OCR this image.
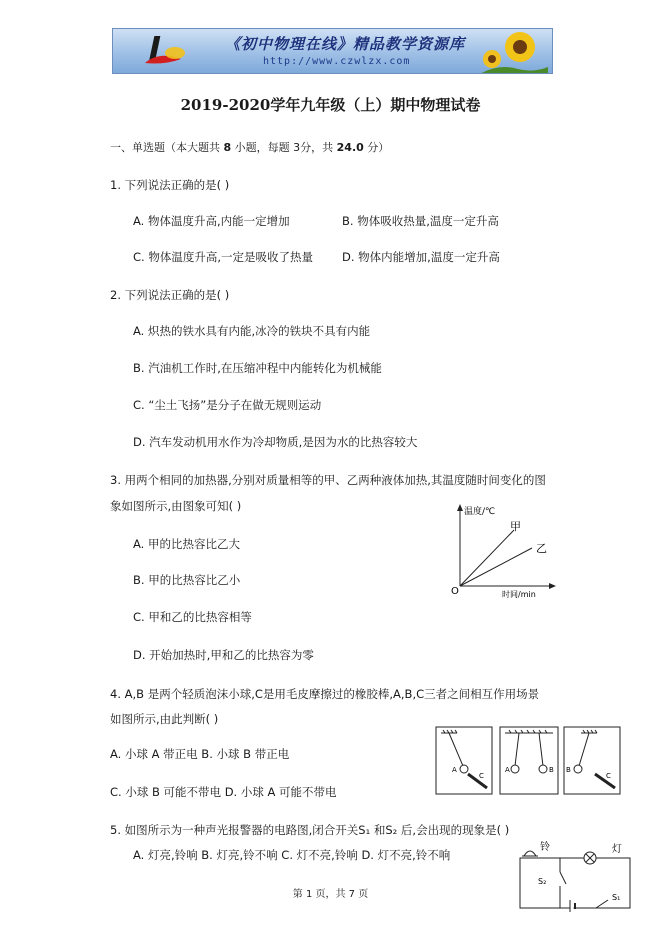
《初中物理在线》精品教学资源库
http://www.czwlzx.com
2019-2020学年九年级（上）期中物理试卷
一、单选题（本大题共 8 小题，每题 3分，共 24.0 分）
1. 下列说法正确的是( )
A. 物体温度升高,内能一定增加	B. 物体吸收热量,温度一定升高
C. 物体温度升高,一定是吸收了热量	D. 物体内能增加,温度一定升高
2. 下列说法正确的是( )
A. 炽热的铁水具有内能,冰冷的铁块不具有内能
B. 汽油机工作时,在压缩冲程中内能转化为机械能
C. “尘土飞扬”是分子在做无规则运动
D. 汽车发动机用水作为冷却物质,是因为水的比热容较大
3. 用两个相同的加热器,分别对质量相等的甲、乙两种液体加热,其温度随时间变化的图
象如图所示,由图象可知( )
A. 甲的比热容比乙大
B. 甲的比热容比乙小
C. 甲和乙的比热容相等
D. 开始加热时,甲和乙的比热容为零
温度/℃
时间/min
O
甲
乙
4. A,B 是两个轻质泡沫小球,C是用毛皮摩擦过的橡胶棒,A,B,C三者之间相互作用场景
如图所示,由此判断( )
A. 小球 A 带正电 B. 小球 B 带正电
C. 小球 B 可能不带电 D. 小球 A 可能不带电
A
C
A	B B
C
5. 如图所示为一种声光报警器的电路图,闭合开关S₁ 和S₂ 后,会出现的现象是( )
A. 灯亮,铃响 B. 灯亮,铃不响 C. 灯不亮,铃响 D. 灯不亮,铃不响
铃	灯
S₂
S₁
第 1 页，共 7 页
